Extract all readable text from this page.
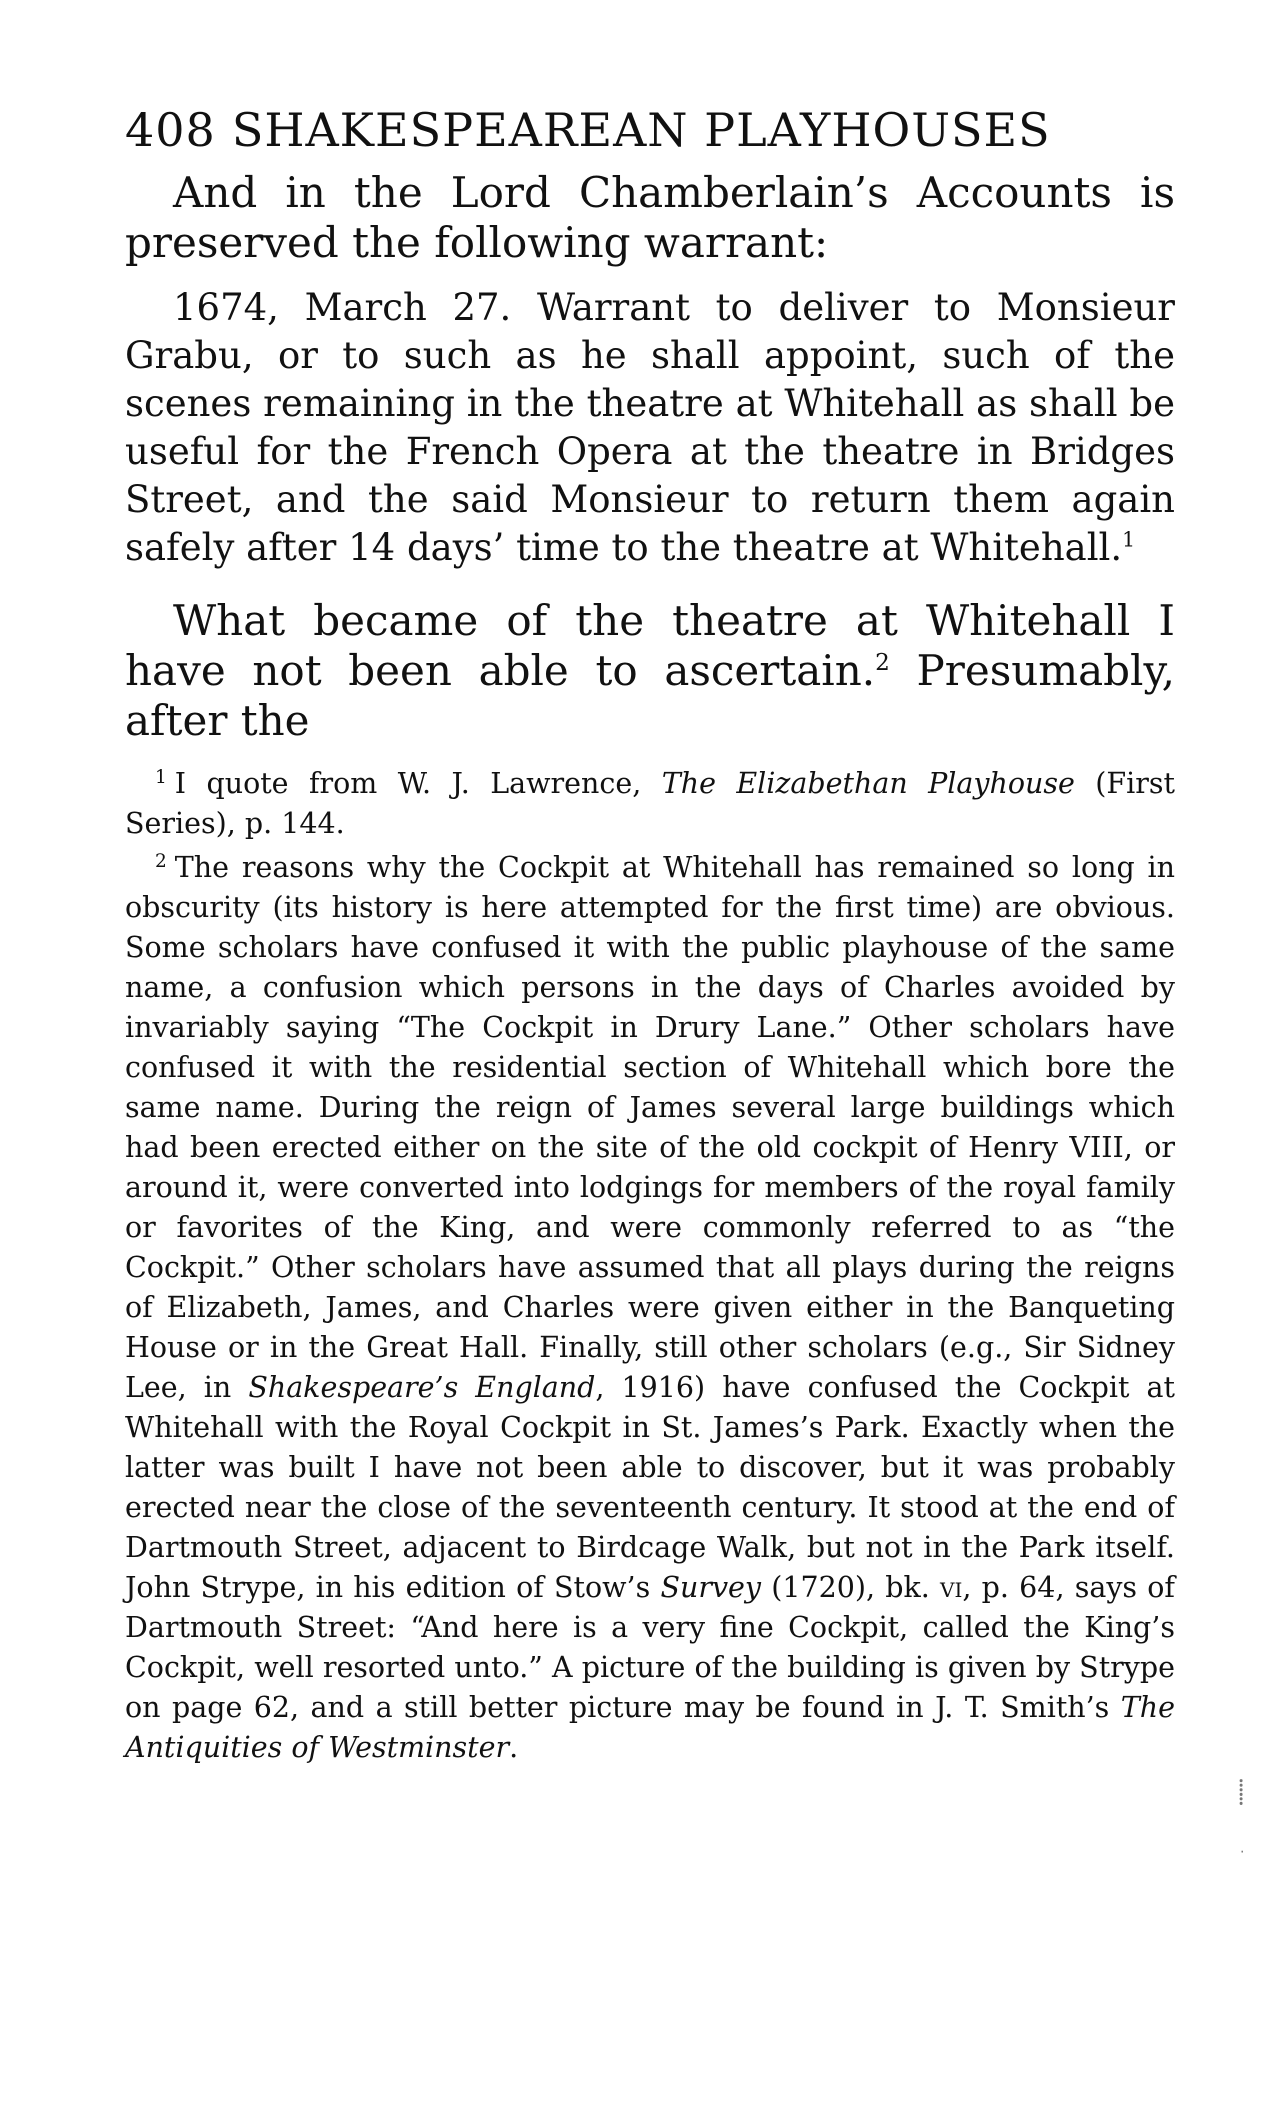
408 SHAKESPEAREAN PLAYHOUSES

And in the Lord Chamberlain’s Accounts is preserved the following warrant:

1674, March 27. Warrant to deliver to Monsieur Grabu, or to such as he shall appoint, such of the scenes remaining in the theatre at Whitehall as shall be useful for the French Opera at the theatre in Bridges Street, and the said Monsieur to return them again safely after 14 days’ time to the theatre at Whitehall.$^1$

What became of the theatre at Whitehall I have not been able to ascertain.$^2$ Presumably, after the

$^1$ I quote from W. J. Lawrence, The Elizabethan Playhouse (First Series), p. 144.

$^2$ The reasons why the Cockpit at Whitehall has remained so long in obscurity (its history is here attempted for the first time) are obvious. Some scholars have confused it with the public playhouse of the same name, a confusion which persons in the days of Charles avoided by invariably saying “The Cockpit in Drury Lane.” Other scholars have confused it with the residential section of Whitehall which bore the same name. During the reign of James several large buildings which had been erected either on the site of the old cockpit of Henry VIII, or around it, were converted into lodgings for members of the royal family or favorites of the King, and were commonly referred to as “the Cockpit.” Other scholars have assumed that all plays during the reigns of Elizabeth, James, and Charles were given either in the Banqueting House or in the Great Hall. Finally, still other scholars (e.g., Sir Sidney Lee, in Shakespeare’s England, 1916) have confused the Cockpit at Whitehall with the Royal Cockpit in St. James’s Park. Exactly when the latter was built I have not been able to discover, but it was probably erected near the close of the seventeenth century. It stood at the end of Dartmouth Street, adjacent to Birdcage Walk, but not in the Park itself. John Strype, in his edition of Stow’s Survey (1720), bk. vi, p. 64, says of Dartmouth Street: “And here is a very fine Cockpit, called the King’s Cockpit, well resorted unto.” A picture of the building is given by Strype on page 62, and a still better picture may be found in J. T. Smith’s The Antiquities of Westminster.

⸽
‧
